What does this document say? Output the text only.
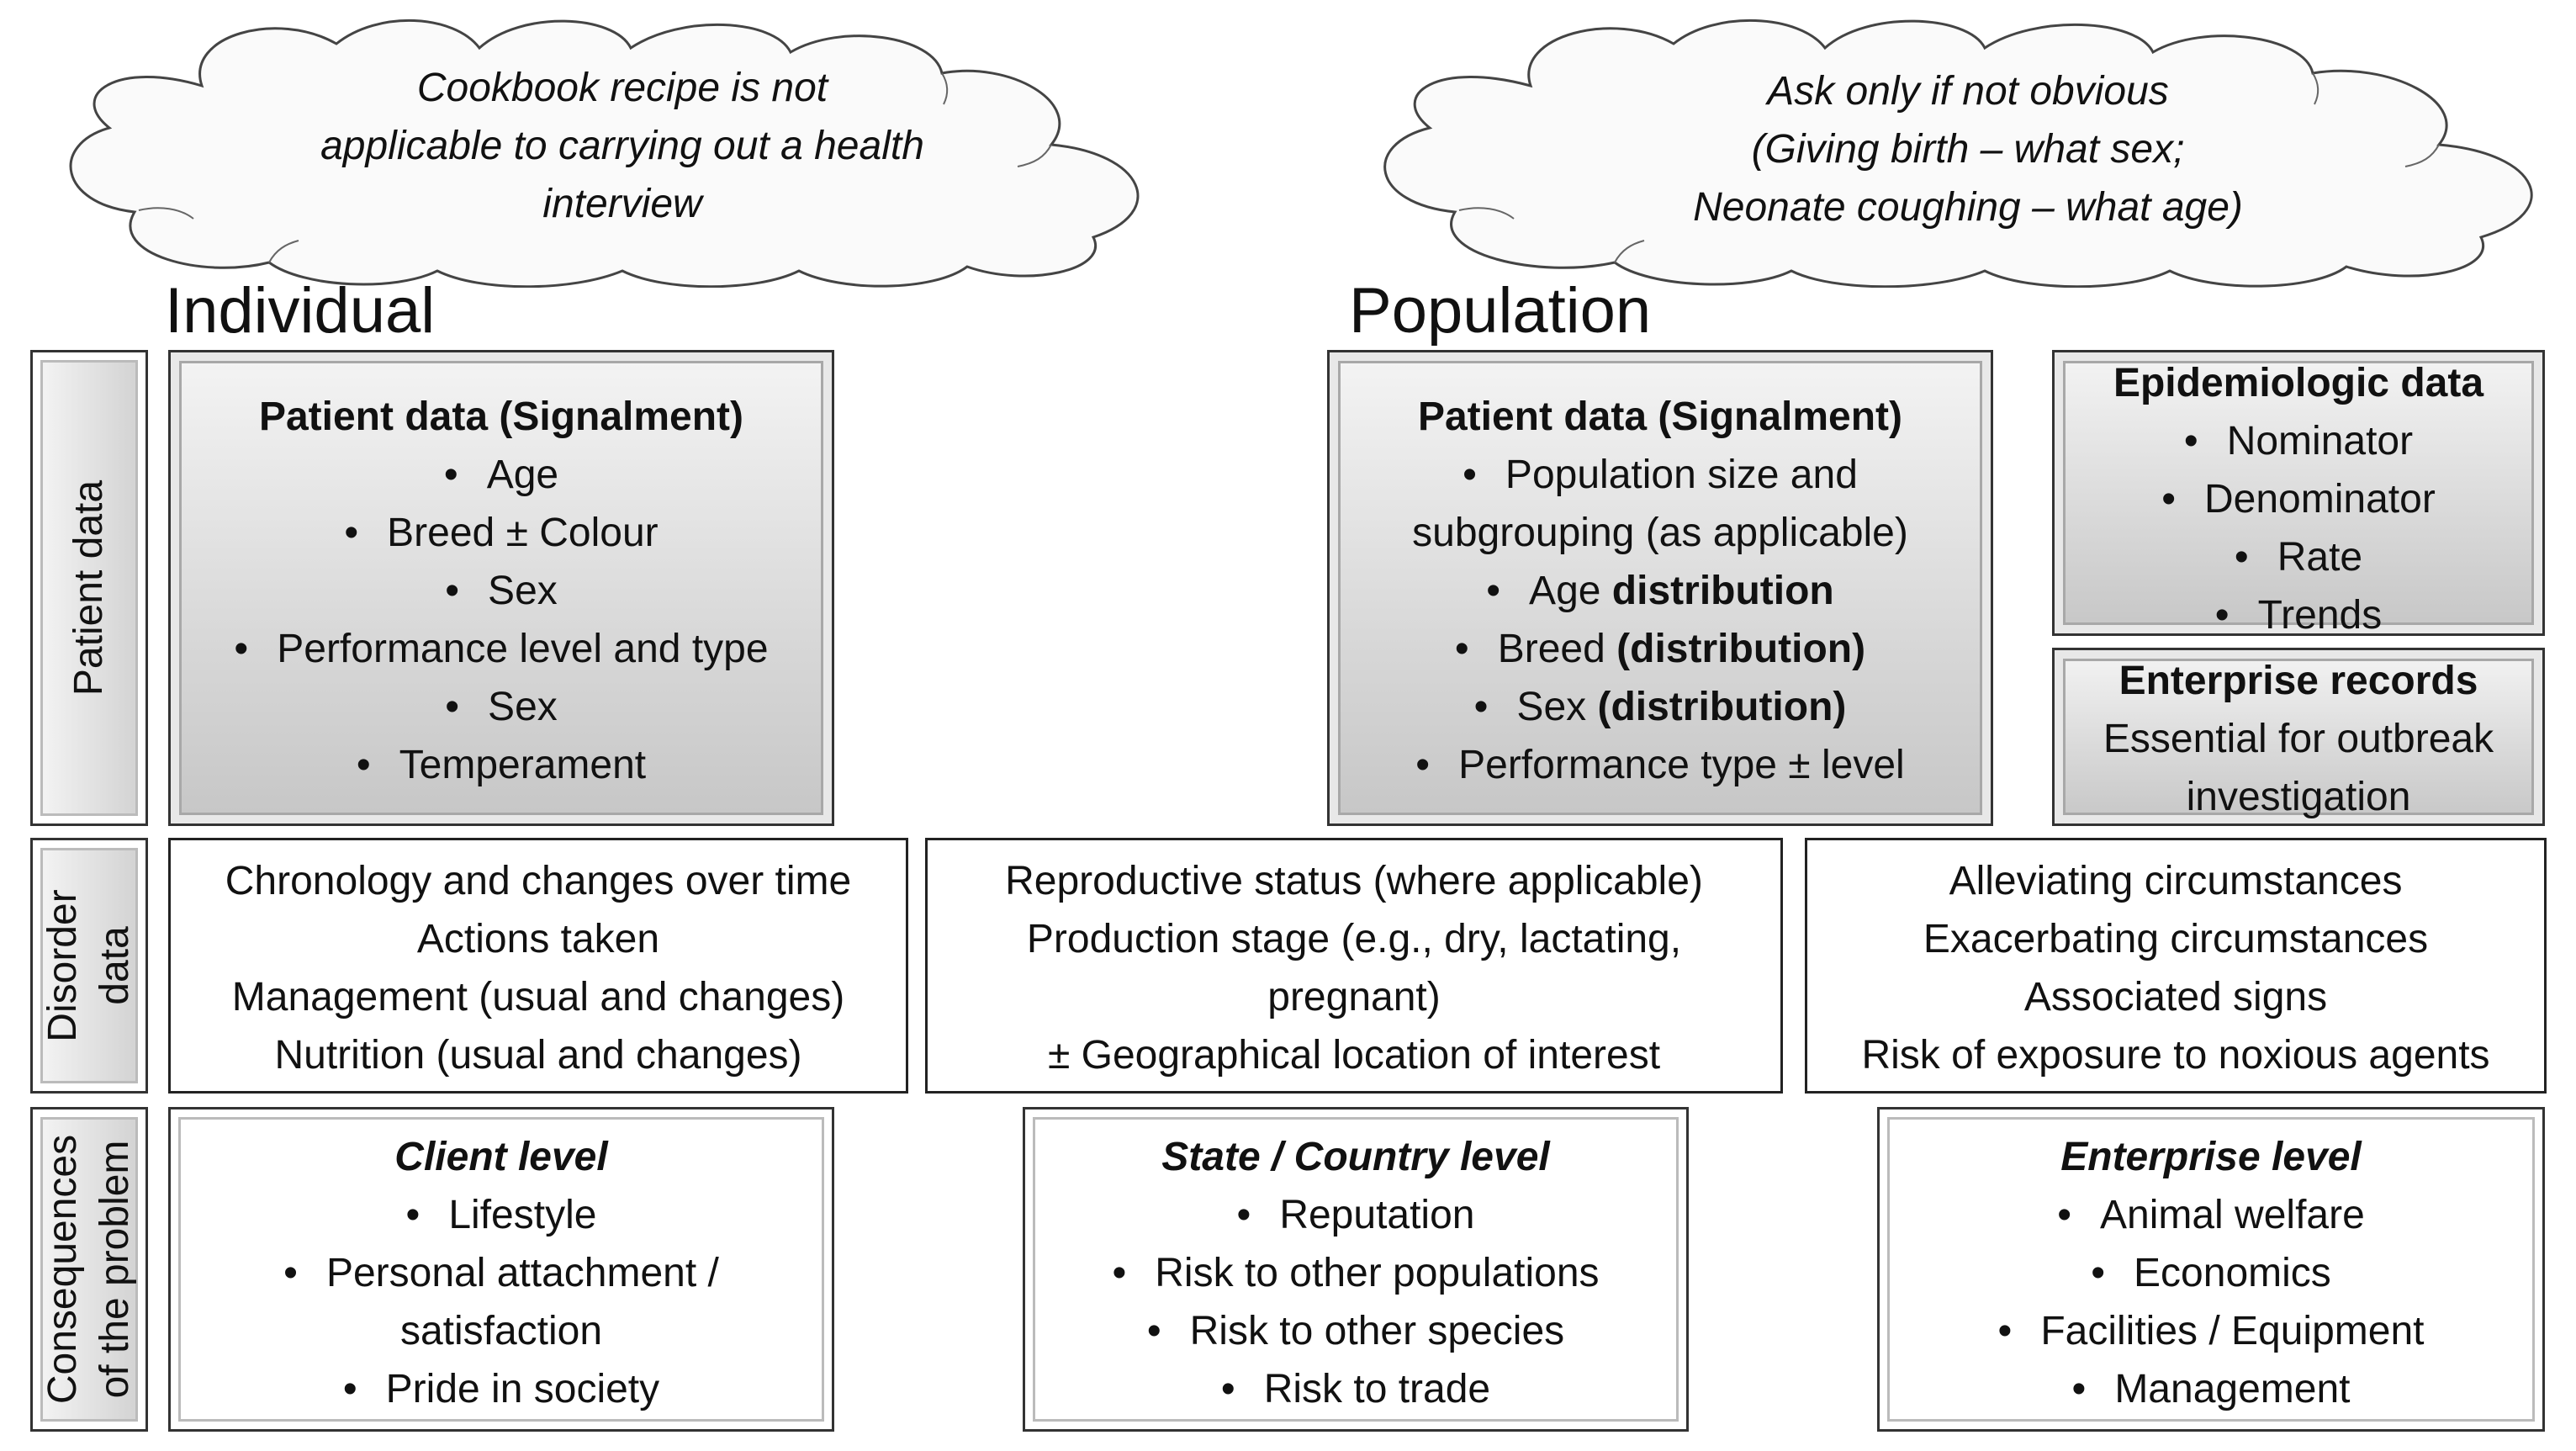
Cookbook recipe is not
applicable to carrying out a health
interview
Ask only if not obvious
(Giving birth – what sex;
Neonate coughing – what age)
Individual	Population
Patient data
Disorder data
Consequences of the problem
Patient data (Signalment)
• Age
• Breed ± Colour
• Sex
• Performance level and type
• Sex
• Temperament
Patient data (Signalment)
• Population size and
subgrouping (as applicable)
• Age distribution
• Breed (distribution)
• Sex (distribution)
• Performance type ± level
Epidemiologic data
• Nominator
• Denominator
• Rate
• Trends
Enterprise records
Essential for outbreak
investigation
Chronology and changes over time
Actions taken
Management (usual and changes)
Nutrition (usual and changes)
Reproductive status (where applicable)
Production stage (e.g., dry, lactating,
pregnant)
± Geographical location of interest
Alleviating circumstances
Exacerbating circumstances
Associated signs
Risk of exposure to noxious agents
Client level
• Lifestyle
• Personal attachment /
satisfaction
• Pride in society
State / Country level
• Reputation
• Risk to other populations
• Risk to other species
• Risk to trade
Enterprise level
• Animal welfare
• Economics
• Facilities / Equipment
• Management
